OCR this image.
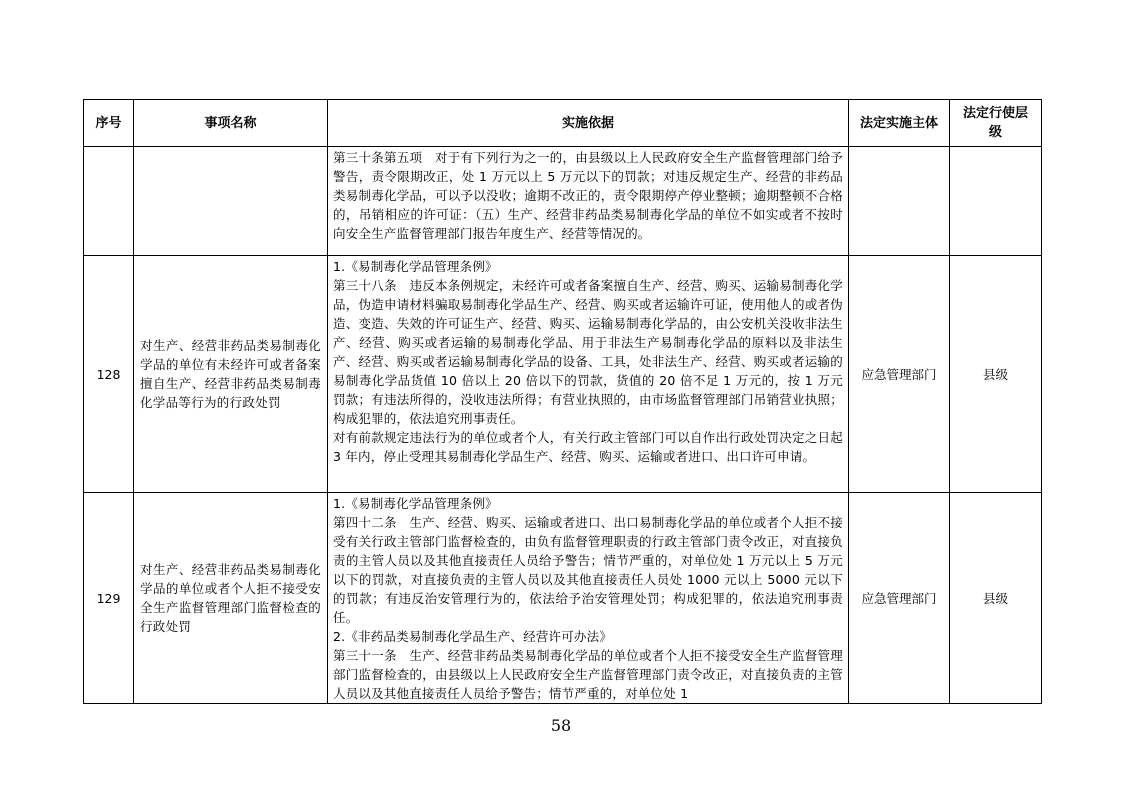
序号	事项名称	实施依据	法定实施主体	法定行使层级

		第三十条第五项　对于有下列行为之一的，由县级以上人民政府安全生产监督管理部门给予警告，责令限期改正，处 1 万元以上 5 万元以下的罚款；对违反规定生产、经营的非药品类易制毒化学品，可以予以没收；逾期不改正的，责令限期停产停业整顿；逾期整顿不合格的，吊销相应的许可证：（五）生产、经营非药品类易制毒化学品的单位不如实或者不按时向安全生产监督管理部门报告年度生产、经营等情况的。		

128	对生产、经营非药品类易制毒化学品的单位有未经许可或者备案擅自生产、经营非药品类易制毒化学品等行为的行政处罚	1.《易制毒化学品管理条例》

第三十八条　违反本条例规定，未经许可或者备案擅自生产、经营、购买、运输易制毒化学品，伪造申请材料骗取易制毒化学品生产、经营、购买或者运输许可证，使用他人的或者伪造、变造、失效的许可证生产、经营、购买、运输易制毒化学品的，由公安机关没收非法生产、经营、购买或者运输的易制毒化学品、用于非法生产易制毒化学品的原料以及非法生产、经营、购买或者运输易制毒化学品的设备、工具，处非法生产、经营、购买或者运输的易制毒化学品货值 10 倍以上 20 倍以下的罚款，货值的 20 倍不足 1 万元的，按 1 万元罚款；有违法所得的，没收违法所得；有营业执照的，由市场监督管理部门吊销营业执照；构成犯罪的，依法追究刑事责任。

对有前款规定违法行为的单位或者个人，有关行政主管部门可以自作出行政处罚决定之日起 3 年内，停止受理其易制毒化学品生产、经营、购买、运输或者进口、出口许可申请。	应急管理部门	县级
129	对生产、经营非药品类易制毒化学品的单位或者个人拒不接受安全生产监督管理部门监督检查的行政处罚	1.《易制毒化学品管理条例》

第四十二条　生产、经营、购买、运输或者进口、出口易制毒化学品的单位或者个人拒不接受有关行政主管部门监督检查的，由负有监督管理职责的行政主管部门责令改正，对直接负责的主管人员以及其他直接责任人员给予警告；情节严重的，对单位处 1 万元以上 5 万元以下的罚款，对直接负责的主管人员以及其他直接责任人员处 1000 元以上 5000 元以下的罚款；有违反治安管理行为的，依法给予治安管理处罚；构成犯罪的，依法追究刑事责任。

2.《非药品类易制毒化学品生产、经营许可办法》

第三十一条　生产、经营非药品类易制毒化学品的单位或者个人拒不接受安全生产监督管理部门监督检查的，由县级以上人民政府安全生产监督管理部门责令改正，对直接负责的主管人员以及其他直接责任人员给予警告；情节严重的，对单位处 1	应急管理部门	县级
58
